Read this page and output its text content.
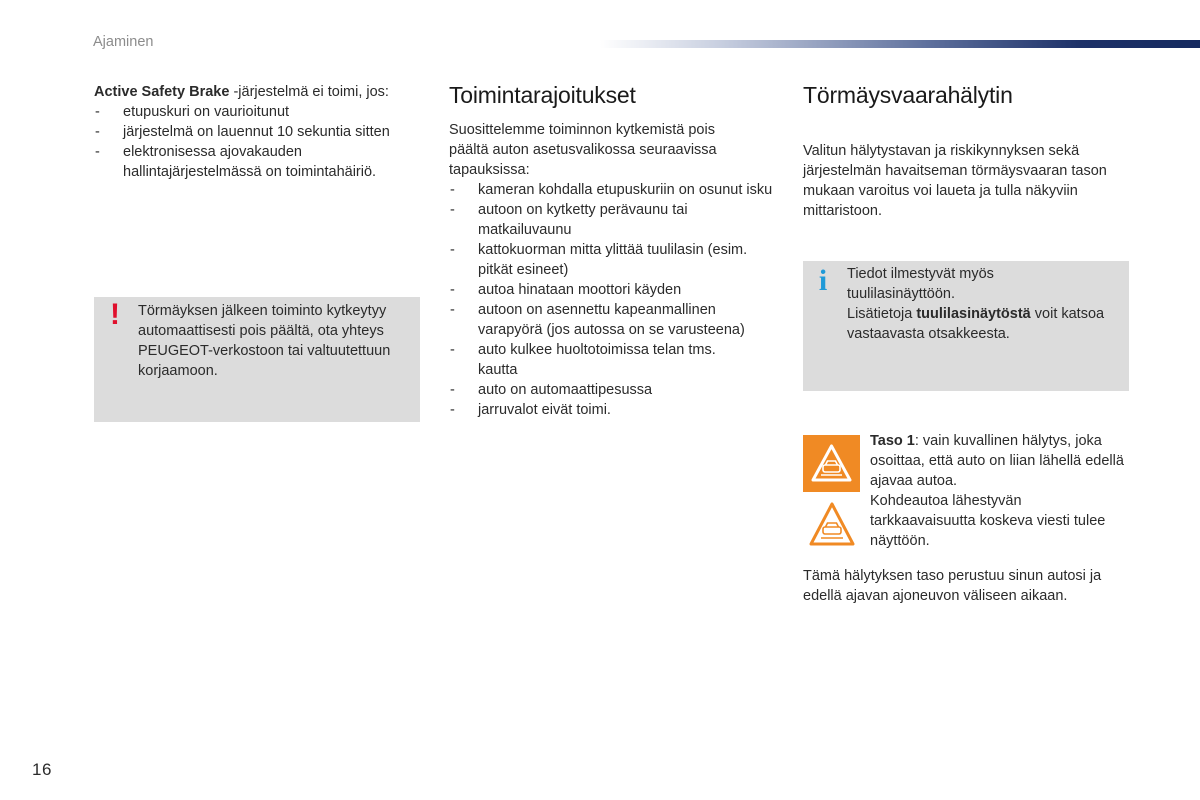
Ajaminen
Active Safety Brake -järjestelmä ei toimi, jos:
- etupuskuri on vaurioitunut
- järjestelmä on lauennut 10 sekuntia sitten
- elektronisessa ajovakauden hallintajärjestelmässä on toimintahäiriö.
! Törmäyksen jälkeen toiminto kytkeytyy automaattisesti pois päältä, ota yhteys PEUGEOT-verkostoon tai valtuutettuun korjaamoon.
Toimintarajoitukset
Suosittelemme toiminnon kytkemistä pois päältä auton asetusvalikossa seuraavissa tapauksissa:
- kameran kohdalla etupuskuriin on osunut isku
- autoon on kytketty perävaunu tai matkailuvaunu
- kattokuorman mitta ylittää tuulilasin (esim. pitkät esineet)
- autoa hinataan moottori käyden
- autoon on asennettu kapeanmallinen varapyörä (jos autossa on se varusteena)
- auto kulkee huoltotoimissa telan tms. kautta
- auto on automaattipesussa
- jarruvalot eivät toimi.
Törmäysvaarahälytin
Valitun hälytystavan ja riskikynnyksen sekä järjestelmän havaitseman törmäysvaaran tason mukaan varoitus voi laueta ja tulla näkyviin mittaristoon.
i Tiedot ilmestyvät myös tuulilasinäyttöön.
Lisätietoja tuulilasinäytöstä voit katsoa vastaavasta otsakkeesta.
Taso 1: vain kuvallinen hälytys, joka osoittaa, että auto on liian lähellä edellä ajavaa autoa.
Kohdeautoa lähestyvän tarkkaavaisuutta koskeva viesti tulee näyttöön.
Tämä hälytyksen taso perustuu sinun autosi ja edellä ajavan ajoneuvon väliseen aikaan.
16
